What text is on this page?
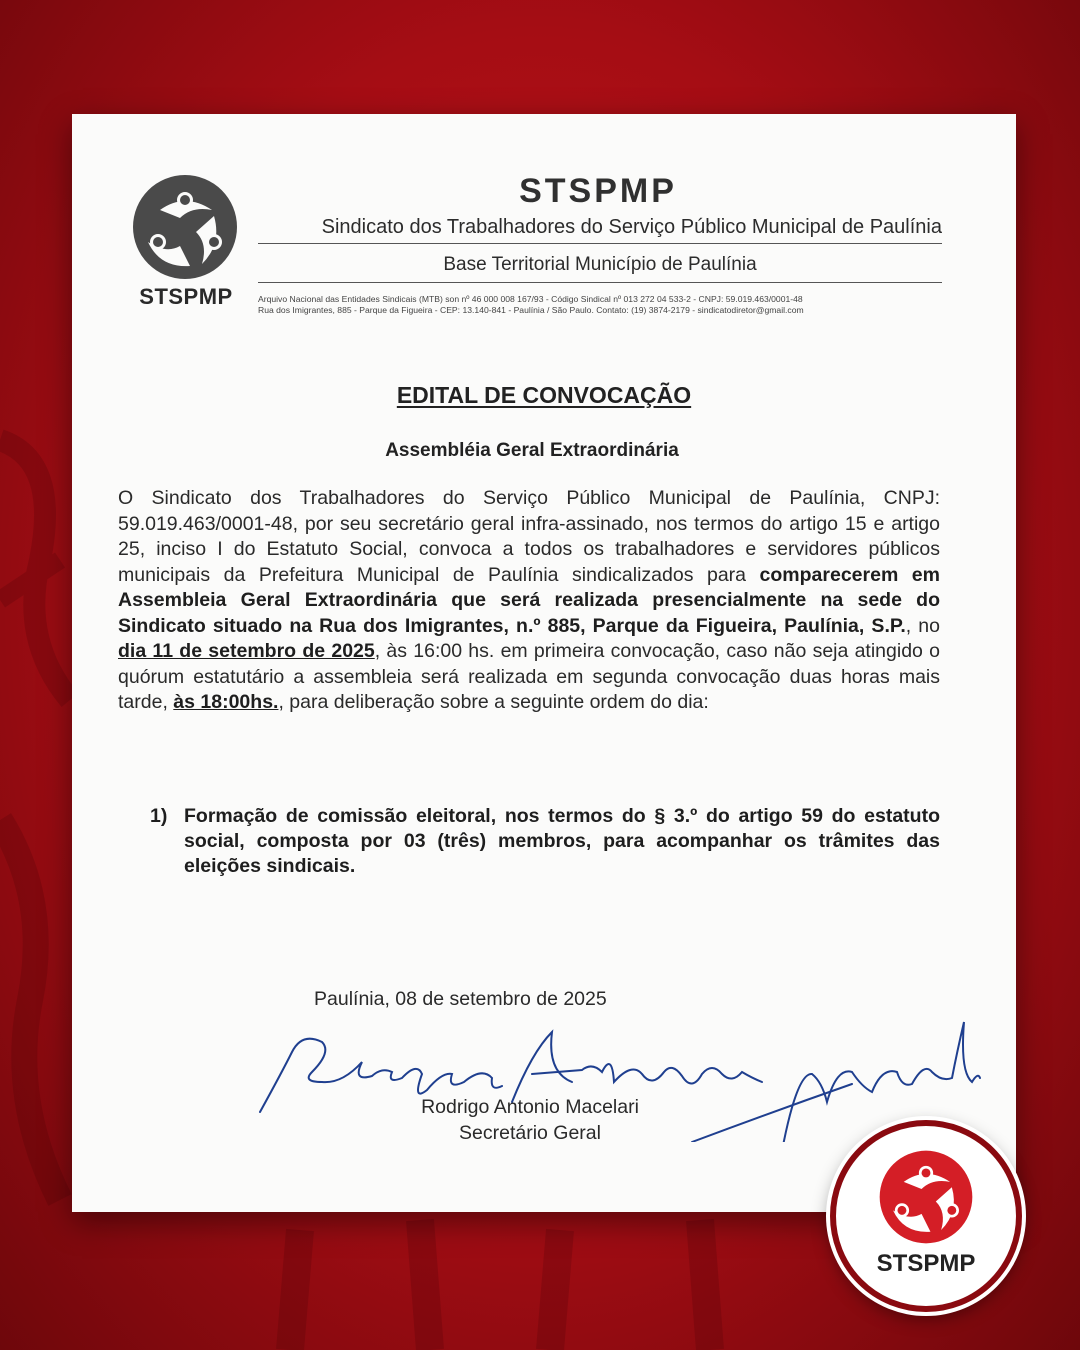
STSPMP
STSPMP
Sindicato dos Trabalhadores do Serviço Público Municipal de Paulínia
Base Territorial Município de Paulínia
Arquivo Nacional das Entidades Sindicais (MTB) son nº 46 000 008 167/93 - Código Sindical nº 013 272 04 533-2 - CNPJ: 59.019.463/0001-48
Rua dos Imigrantes, 885 - Parque da Figueira - CEP: 13.140-841 - Paulínia / São Paulo. Contato: (19) 3874-2179 - sindicatodiretor@gmail.com
EDITAL DE CONVOCAÇÃO
Assembléia Geral Extraordinária
O Sindicato dos Trabalhadores do Serviço Público Municipal de Paulínia, CNPJ: 59.019.463/0001-48, por seu secretário geral infra-assinado, nos termos do artigo 15 e artigo 25, inciso I do Estatuto Social, convoca a todos os trabalhadores e servidores públicos municipais da Prefeitura Municipal de Paulínia sindicalizados para comparecerem em Assembleia Geral Extraordinária que será realizada presencialmente na sede do Sindicato situado na Rua dos Imigrantes, n.º 885, Parque da Figueira, Paulínia, S.P., no dia 11 de setembro de 2025, às 16:00 hs. em primeira convocação, caso não seja atingido o quórum estatutário a assembleia será realizada em segunda convocação duas horas mais tarde, às 18:00hs., para deliberação sobre a seguinte ordem do dia:
1) Formação de comissão eleitoral, nos termos do § 3.º do artigo 59 do estatuto social, composta por 03 (três) membros, para acompanhar os trâmites das eleições sindicais.
Paulínia, 08 de setembro de 2025
Rodrigo Antonio Macelari
Secretário Geral
STSPMP
